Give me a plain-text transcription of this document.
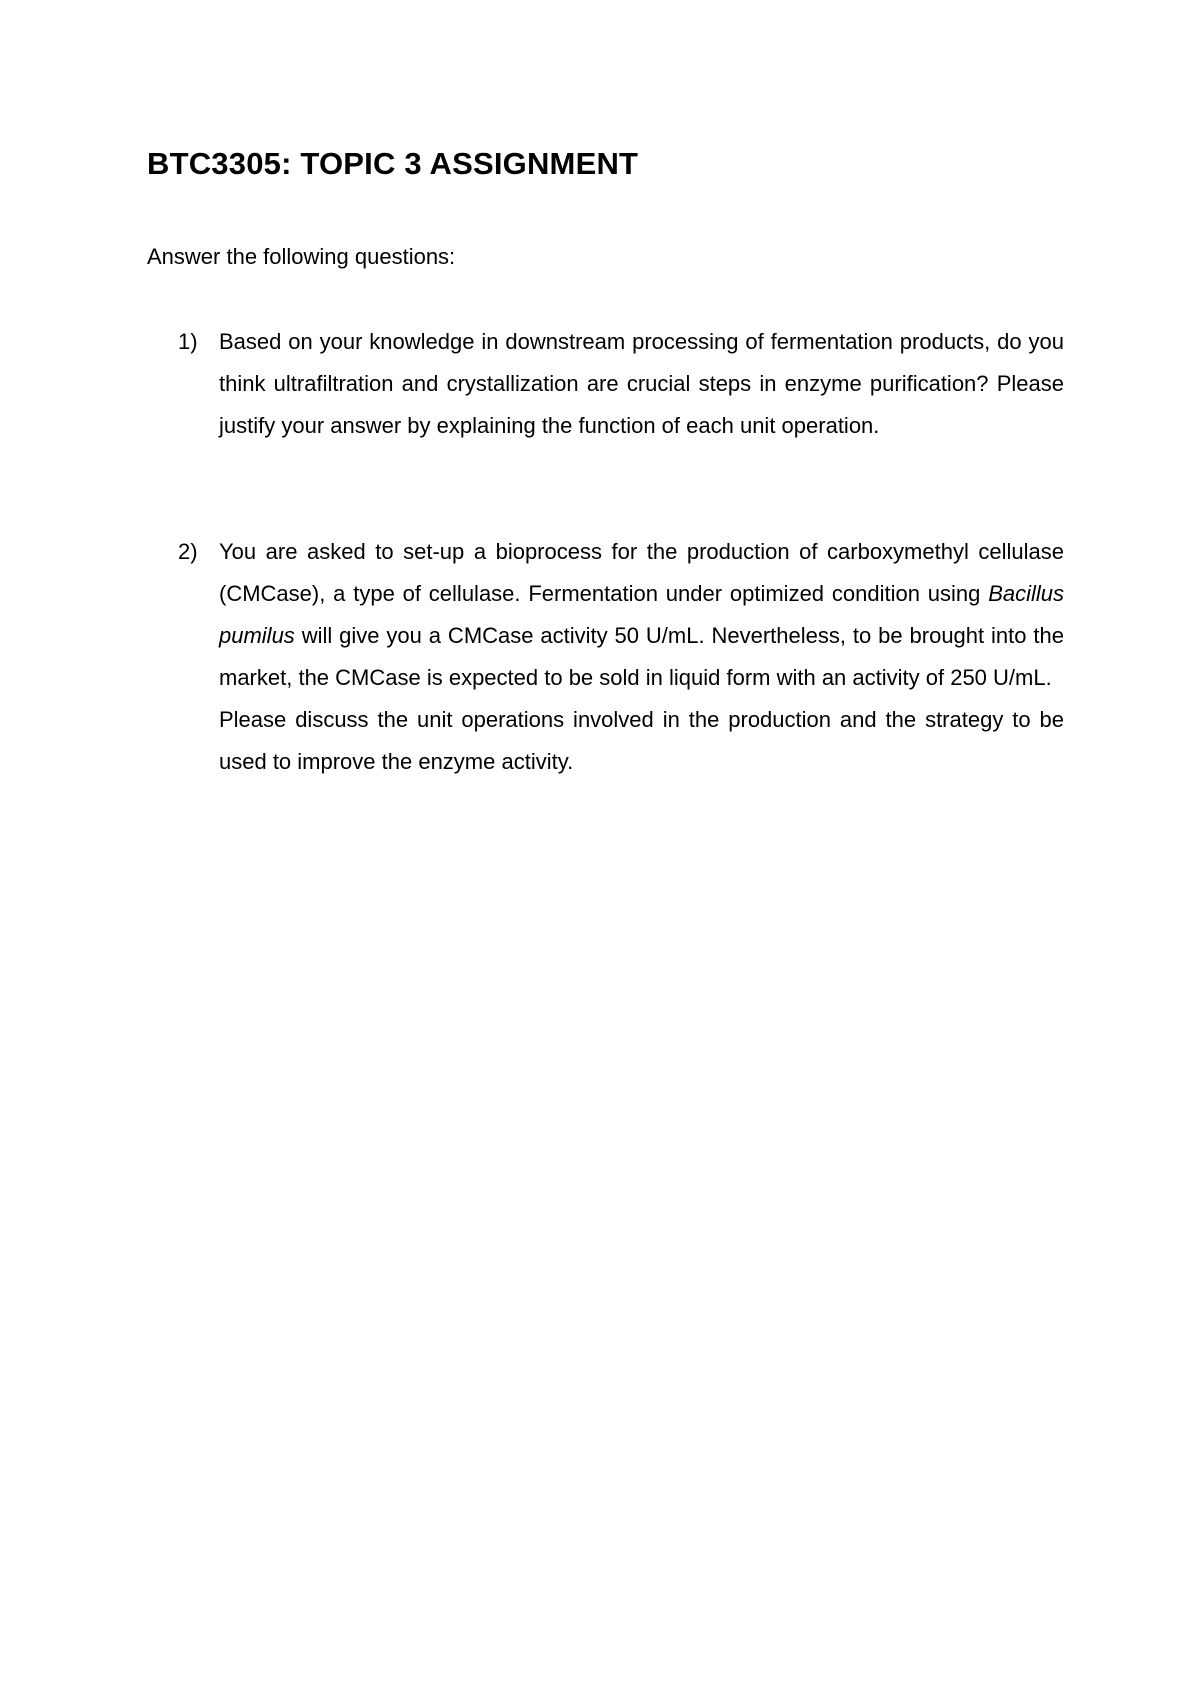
BTC3305: TOPIC 3 ASSIGNMENT

Answer the following questions:

1) Based on your knowledge in downstream processing of fermentation products, do you think ultrafiltration and crystallization are crucial steps in enzyme purification? Please justify your answer by explaining the function of each unit operation.

2) You are asked to set-up a bioprocess for the production of carboxymethyl cellulase (CMCase), a type of cellulase. Fermentation under optimized condition using Bacillus pumilus will give you a CMCase activity 50 U/mL. Nevertheless, to be brought into the market, the CMCase is expected to be sold in liquid form with an activity of 250 U/mL.

Please discuss the unit operations involved in the production and the strategy to be used to improve the enzyme activity.
